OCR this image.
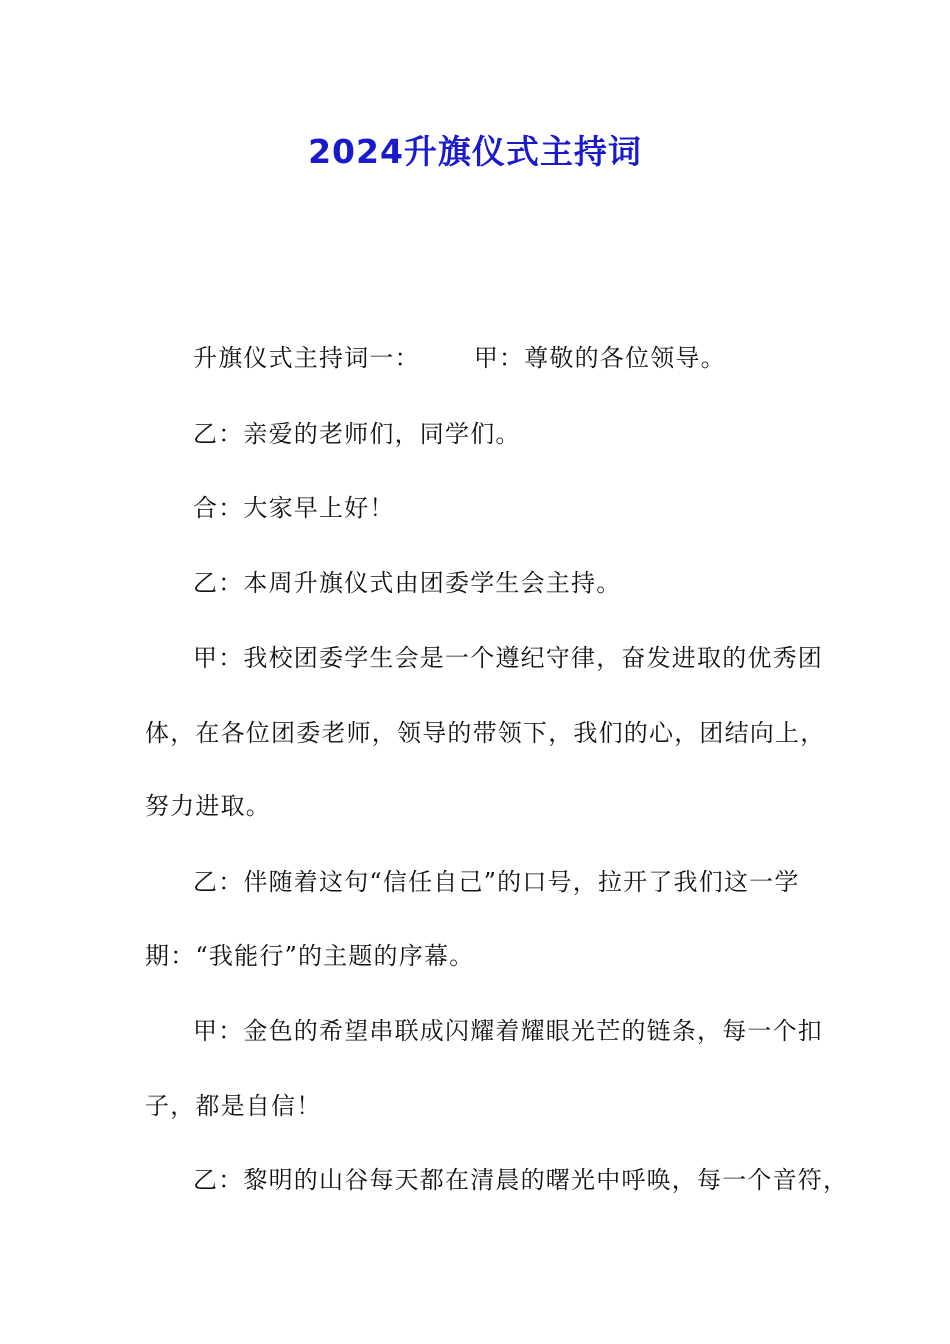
2024升旗仪式主持词
升旗仪式主持词一： 甲：尊敬的各位领导。
乙：亲爱的老师们，同学们。
合：大家早上好！
乙：本周升旗仪式由团委学生会主持。
甲：我校团委学生会是一个遵纪守律，奋发进取的优秀团
体，在各位团委老师，领导的带领下，我们的心，团结向上，
努力进取。
乙：伴随着这句“信任自己”的口号，拉开了我们这一学
期：“我能行”的主题的序幕。
甲：金色的希望串联成闪耀着耀眼光芒的链条，每一个扣
子，都是自信！
乙：黎明的山谷每天都在清晨的曙光中呼唤，每一个音符，
